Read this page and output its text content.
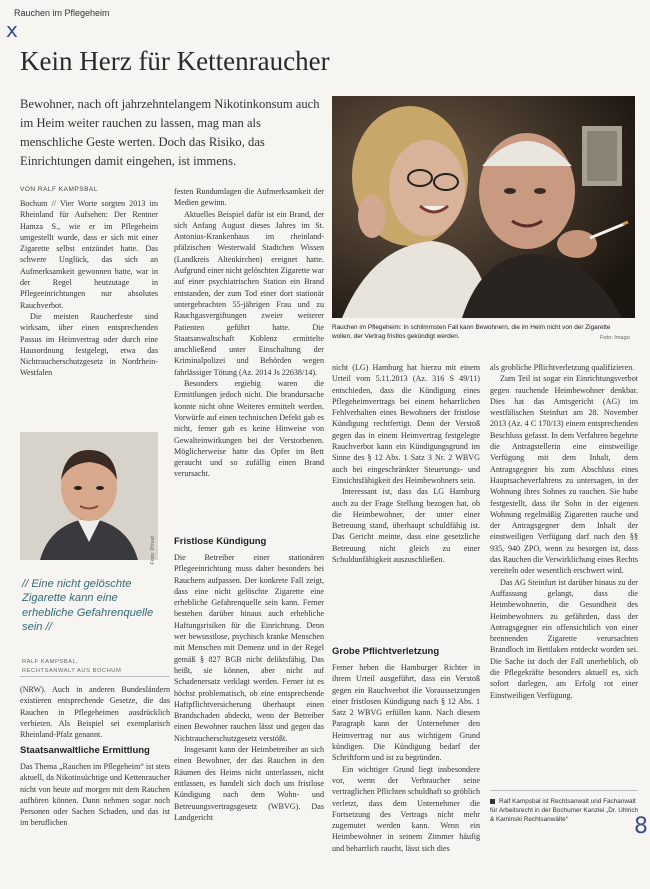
Rauchen im Pflegeheim
x
Kein Herz für Kettenraucher
Bewohner, nach oft jahrzehntelangem Nikotinkonsum auch im Heim weiter rauchen zu lassen, mag man als menschliche Geste werten. Doch das Risiko, das Einrichtungen damit eingehen, ist immens.
Rauchen im Pflegeheim: In schlimmsten Fall kann Bewohnern, die im Heim nicht von der Zigarette wollen, der Vertrag fristlos gekündigt werden.	Foto: Imago
VON RALF KAMPSBAL

Bochum // Vier Worte sorgten 2013 im Rheinland für Aufsehen: Der Rentner Hamza S., wie er im Pflegeheim umgestellt wurde, dass er sich mit einer Zigarette selbst entzündet hatte. Das schwere Unglück, das sich an Aufmerksamkeit gewonnen hatte, war in der Regel heutzutage in Pflegeeinrichtungen nur absolutes Rauchverbot.

Die meisten Raucherfeste sind wirksam, über einen entsprechenden Passus im Heimvertrag oder durch eine Hausordnung festgelegt, etwa das Nichtraucherschutzgesetz in Nordrhein-Westfalen

Foto: Privat
// Eine nicht gelöschte Zigarette kann eine erhebliche Gefahrenquelle sein //
RALF KAMPSBAL,
RECHTSANWALT AUS BOCHUM

(NRW). Auch in anderen Bundesländern existieren entsprechende Gesetze, die das Rauchen in Pflegeheimen ausdrücklich verbieten. Als Beispiel sei exemplarisch Rheinland-Pfalz genannt.

Staatsanwaltliche Ermittlung

Das Thema „Rauchen im Pflegeheim“ ist stets aktuell, da Nikotinsüchtige und Kettenraucher nicht von heute auf morgen mit dem Rauchen aufhören können. Dann nehmen sogar noch Personen oder Sachen Schaden, und das ist im beruflichen

festen Rundumlagen die Aufmerksamkeit der Medien gewinn.

Aktuelles Beispiel dafür ist ein Brand, der sich Anfang August dieses Jahres im St. Antonius-Krankenhaus im rheinland-pfälzischen Westerwald Stadtchen Wissen (Landkreis Altenkirchen) ereignet hatte. Aufgrund einer nicht gelöschten Zigarette war auf einer psychiatrischen Station ein Brand entstanden, der zum Tod einer dort stationär untergebrachten 55-jährigen Frau und zu Rauchgasvergiftungen zweier weiterer Patienten geführt hatte. Die Staatsanwaltschaft Koblenz ermittelte anschließend unter Einschaltung der Kriminalpolizei und Behörden wegen fahrlässiger Tötung (Az. 2014 Js 22638/14).

Besonders ergiebig waren die Ermittlungen jedoch nicht. Die brandursache konnte nicht ohne Weiteres ermittelt werden. Vorwürfe auf einen technischen Defekt gab es nicht, ferner gab es keine Hinweise von Gewalteinwirkungen bei der Verstorbenen. Möglicherweise hatte das Opfer im Bett geraucht und so zufällig einen Brand verursacht.

Fristlose Kündigung

Die Betreiber einer stationären Pflegeeinrichtung muss daher besonders bei Rauchern aufpassen. Der konkrete Fall zeigt, dass eine nicht gelöschte Zigarette eine erhebliche Gefahrenquelle sein kann. Ferner bestehen darüber hinaus auch erhebliche Haftungsrisiken für die Einrichtung. Denn wer bewusstlose, psychisch kranke Menschen mit Menschen mit Demenz und in der Regel gemäß § 827 BGB nicht deliktsfähig. Das heißt, sie können, aber nicht auf Schadenersatz verklagt werden. Ferner ist es höchst problematisch, ob eine entsprechende Haftpflichtversicherung überhaupt einen Brandschaden abdeckt, wenn der Betreiber einen Bewohner rauchen lässt und gegen das Nichtraucherschutzgesetz verstößt.

Insgesamt kann der Heimbetreiber an sich einen Bewohner, der das Rauchen in den Räumen des Heims nicht unterlassen, nicht entlassen, es handelt sich doch um fristlose Kündigung nach dem Wohn- und Betreuungsvertragsgesetz (WBVG). Das Landgericht

nicht (LG) Hamburg hat hierzu mit einem Urteil vom 5.11.2013 (Az. 316 S 49/11) entschieden, dass die Kündigung eines Pflegeheimvertrags bei einem beharrlichen Fehlverhalten eines Bewohners der fristlose Kündigung rechtfertigt. Denn der Verstoß gegen das in einem Heimvertrag festgelegte Rauchverbot kann ein Kündigungsgrund im Sinne des § 12 Abs. 1 Satz 3 Nr. 2 WBVG auch bei eingeschränkter Steuerungs- und Einsichtsfähigkeit des Heimbewohners sein.

Interessant ist, dass das LG Hamburg auch zu der Frage Stellung bezogen hat, ob die Heimbewohner, der unter einer Betreuung stand, überhaupt schuldfähig ist. Das Gericht meinte, dass eine gesetzliche Betreuung nicht gleich zu einer Schuldunfähigkeit auszuschließen.

Grobe Pflichtverletzung

Ferner heben die Hamburger Richter in ihrem Urteil ausgeführt, dass ein Verstoß gegen ein Rauchverbot die Voraussetzungen einer fristlosen Kündigung nach § 12 Abs. 1 Satz 2 WBVG erfüllen kann. Nach diesem Paragraph kann der Unternehmer den Heimvertrag nur aus wichtigem Grund kündigen. Die Kündigung bedarf der Schriftform und ist zu begründen.

Ein wichtiger Grund liegt insbesondere vor, wenn der Verbraucher seine vertraglichen Pflichten schuldhaft so gröblich verletzt, dass dem Unternehmer die Fortsetzung des Vertrags nicht mehr zugemutet werden kann. Wenn ein Heimbewohner in seinem Zimmer häufig und beharrlich raucht, lässt sich dies

als grobliche Pflichtverletzung qualifizieren.

Zum Teil ist sogar ein Einrichtungsverbot gegen rauchende Heimbewohner denkbar. Dies hat das Amtsgericht (AG) im westfälischen Steinfurt am 28. November 2013 (Az. 4 C 170/13) einem entsprechenden Beschluss gefasst. In dem Verfahren begehrte die Antragstellerin eine einstweilige Verfügung mit dem Inhalt, dem Antragsgegner bis zum Abschluss eines Hauptsacheverfahrens zu untersagen, in der Wohnung ihres Sohnes zu rauchen. Sie habe festgestellt, dass ihr Sohn in der eigenen Wohnung regelmäßig Zigaretten rauche und der Antragsgegner dem Inhalt der einstweiligen Verfügung darf nach den §§ 935, 940 ZPO, wenn zu besorgen ist, dass das Rauchen die Verwirklichung eines Rechts vereiteln oder wesentlich erschwert wird.

Das AG Steinfurt ist darüber hinaus zu der Auffassung gelangt, dass die Heimbewohnerin, die Gesundheit des Heimbewohners zu gefährden, dass der Antragsgegner ein offensichtlich von einer brennenden Zigarette verursachten Brandloch im Bettlaken entdeckt worden sei. Die Sache ist doch der Fall unerheblich, ob die Pflegekräfte besonders aktuell es, sich sofort darlegen, am Erfolg rot einer Einstweiligen Verfügung.

Ralf Kampsbal ist Rechtsanwalt und Fachanwalt für Arbeitsrecht in der Bochumer Kanzlei „Dr. Uhlrich & Kaminski Rechtsanwälte“	8
